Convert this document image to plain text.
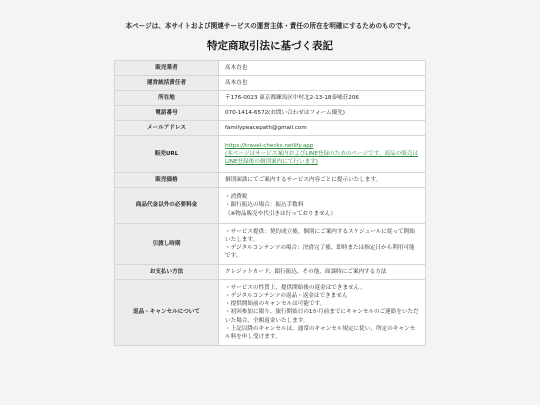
本ページは、本サイトおよび関連サービスの運営主体・責任の所在を明確にするためのものです。

特定商取引法に基づく表記
販売業者	髙木直也

運営統括責任者	髙木直也

所在地	〒176-0023 東京都練馬区中村北2-13-18泰哺荘206

電話番号	070-1414-6572(お問い合わせはフォーム優先)

メールアドレス	familypeacepath@gmail.com

販売URL	https://travel-checks.netlify.app
(本ページはサービス案内およびLINE登録のためのページです。商品の販売はLINE登録後の個別案内にて行います)

販売価格	個別面談にてご案内するサービス内容ごとに提示いたします。

商品代金以外の必要料金	・消費税
・銀行振込の場合：振込手数料
（※物品販売や代引きは行っておりません）

引渡し時期	・サービス提供：契約成立後、個別にご案内するスケジュールに従って開始いたします。
・デジタルコンテンツの場合：決済完了後、即時または指定日から利用可能です。

お支払い方法	クレジットカード、銀行振込、その他、面談時にご案内する方法

返品・キャンセルについて	・サービスの性質上、提供開始後の返金はできません。
・デジタルコンテンツの返品・返金はできません
・提供開始前のキャンセルは可能です。
・初回参加に限り、旅行開始日の1か月前までにキャンセルのご連絡をいただいた場合、全額返金いたします。
・上記以降のキャンセルは、通常のキャンセル規定に従い、所定のキャンセル料を申し受けます。
